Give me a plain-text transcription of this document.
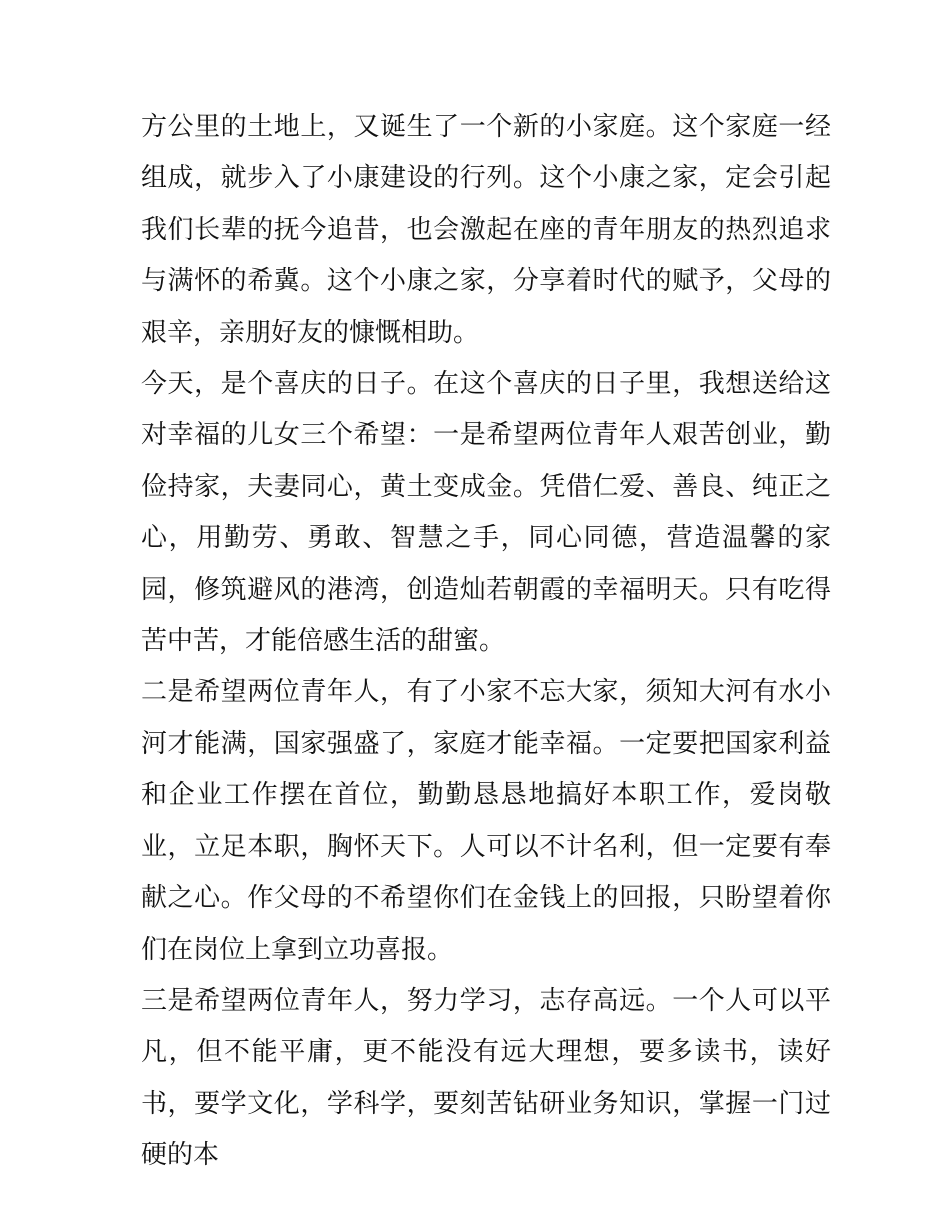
方公里的土地上，又诞生了一个新的小家庭。这个家庭一经组成，就步入了小康建设的行列。这个小康之家，定会引起我们长辈的抚今追昔，也会激起在座的青年朋友的热烈追求与满怀的希冀。这个小康之家，分享着时代的赋予，父母的艰辛，亲朋好友的慷慨相助。

今天，是个喜庆的日子。在这个喜庆的日子里，我想送给这对幸福的儿女三个希望：一是希望两位青年人艰苦创业，勤俭持家，夫妻同心，黄土变成金。凭借仁爱、善良、纯正之心，用勤劳、勇敢、智慧之手，同心同德，营造温馨的家园，修筑避风的港湾，创造灿若朝霞的幸福明天。只有吃得苦中苦，才能倍感生活的甜蜜。

二是希望两位青年人，有了小家不忘大家，须知大河有水小河才能满，国家强盛了，家庭才能幸福。一定要把国家利益和企业工作摆在首位，勤勤恳恳地搞好本职工作，爱岗敬业，立足本职，胸怀天下。人可以不计名利，但一定要有奉献之心。作父母的不希望你们在金钱上的回报，只盼望着你们在岗位上拿到立功喜报。

三是希望两位青年人，努力学习，志存高远。一个人可以平凡，但不能平庸，更不能没有远大理想，要多读书，读好书，要学文化，学科学，要刻苦钻研业务知识，掌握一门过硬的本
